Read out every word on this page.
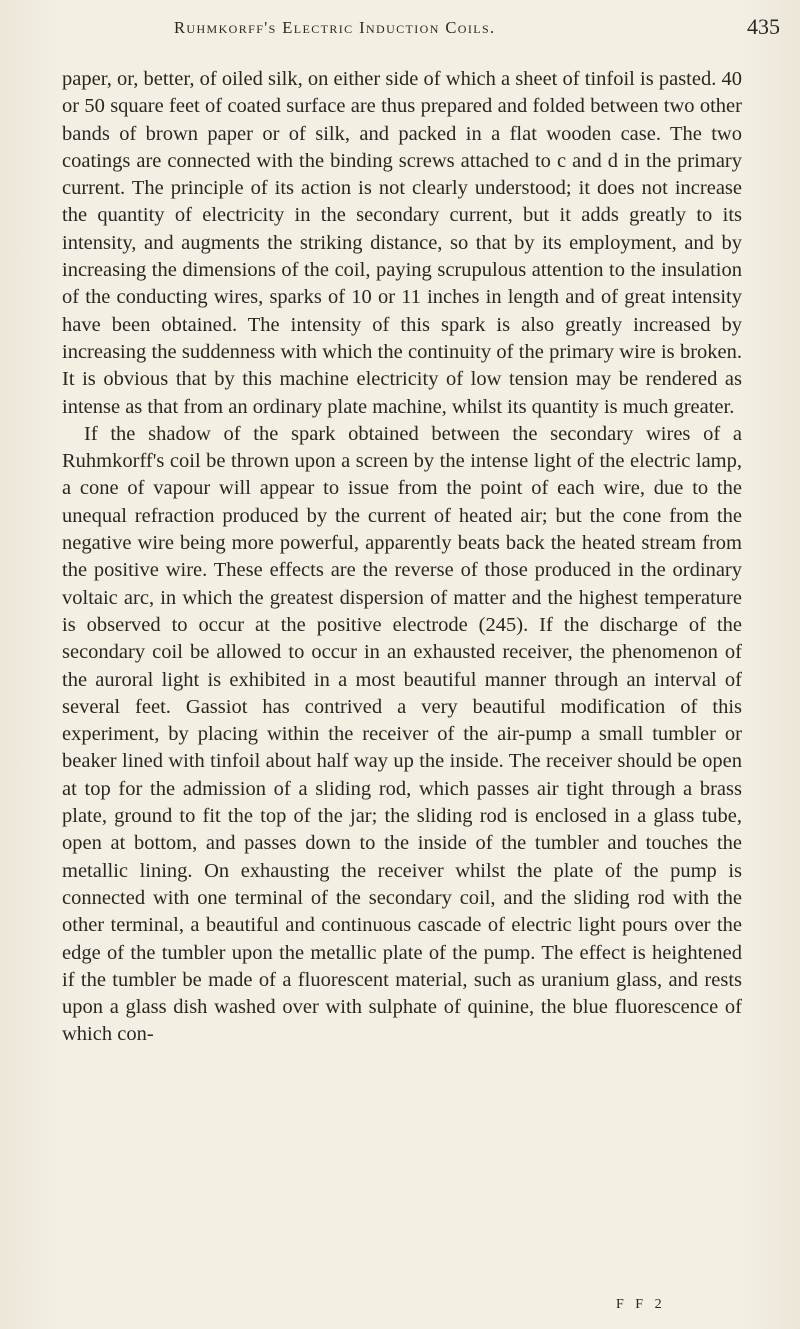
Ruhmkorff's Electric Induction Coils.	435

paper, or, better, of oiled silk, on either side of which a sheet of tinfoil is pasted. 40 or 50 square feet of coated surface are thus prepared and folded between two other bands of brown paper or of silk, and packed in a flat wooden case. The two coatings are connected with the binding screws attached to c and d in the primary current. The principle of its action is not clearly understood; it does not increase the quantity of electricity in the secondary current, but it adds greatly to its intensity, and augments the striking distance, so that by its employment, and by increasing the dimensions of the coil, paying scrupulous attention to the insulation of the conducting wires, sparks of 10 or 11 inches in length and of great intensity have been obtained. The intensity of this spark is also greatly increased by increasing the suddenness with which the continuity of the primary wire is broken. It is obvious that by this machine electricity of low tension may be rendered as intense as that from an ordinary plate machine, whilst its quantity is much greater.

If the shadow of the spark obtained between the secondary wires of a Ruhmkorff's coil be thrown upon a screen by the intense light of the electric lamp, a cone of vapour will appear to issue from the point of each wire, due to the unequal refraction produced by the current of heated air; but the cone from the negative wire being more powerful, apparently beats back the heated stream from the positive wire. These effects are the reverse of those produced in the ordinary voltaic arc, in which the greatest dispersion of matter and the highest temperature is observed to occur at the positive electrode (245). If the discharge of the secondary coil be allowed to occur in an exhausted receiver, the phenomenon of the auroral light is exhibited in a most beautiful manner through an interval of several feet. Gassiot has contrived a very beautiful modification of this experiment, by placing within the receiver of the air-pump a small tumbler or beaker lined with tinfoil about half way up the inside. The receiver should be open at top for the admission of a sliding rod, which passes air tight through a brass plate, ground to fit the top of the jar; the sliding rod is enclosed in a glass tube, open at bottom, and passes down to the inside of the tumbler and touches the metallic lining. On exhausting the receiver whilst the plate of the pump is connected with one terminal of the secondary coil, and the sliding rod with the other terminal, a beautiful and continuous cascade of electric light pours over the edge of the tumbler upon the metallic plate of the pump. The effect is heightened if the tumbler be made of a fluorescent material, such as uranium glass, and rests upon a glass dish washed over with sulphate of quinine, the blue fluorescence of which con-

F F 2
